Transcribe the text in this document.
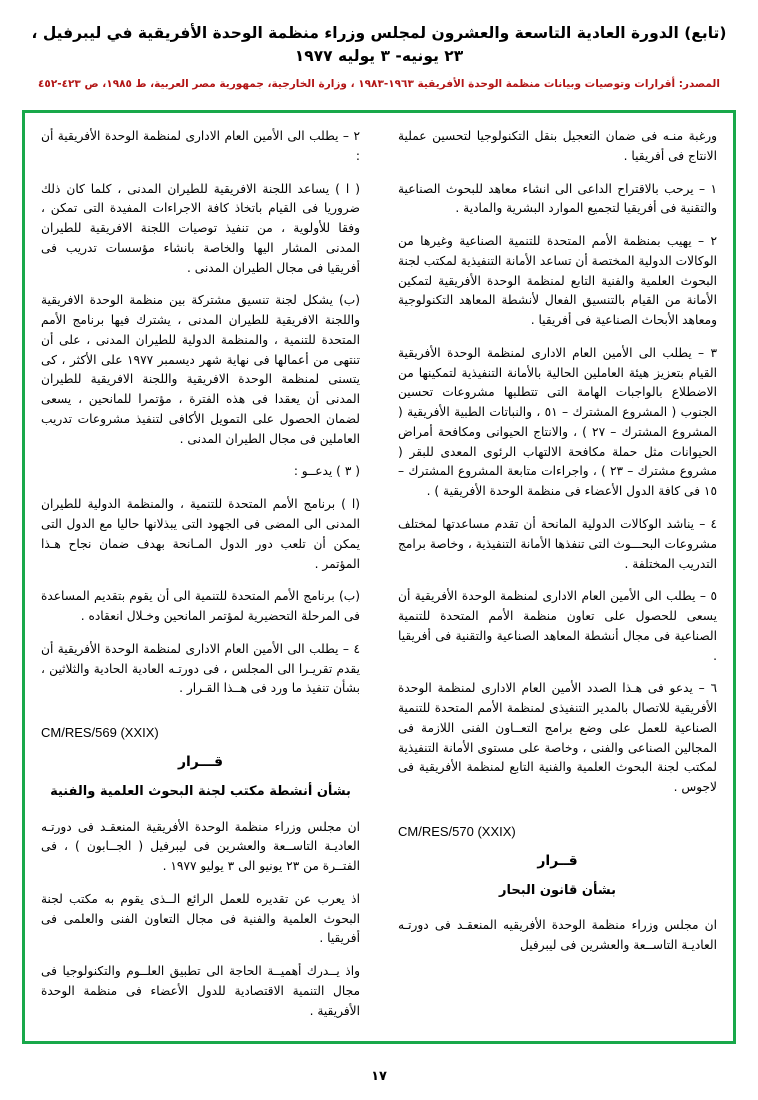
(تابع) الدورة العادية التاسعة والعشرون لمجلس وزراء منظمة الوحدة الأفريقية في ليبرفيل ، ٢٣ يونيه- ٣ يوليه ١٩٧٧
المصدر: أقرارات وتوصيات وبيانات منظمة الوحدة الأفريقية ١٩٦٣-١٩٨٣ ، وزارة الخارجية، جمهورية مصر العربية، ط ١٩٨٥، ص ٤٢٣-٤٥٢

ورغبة منـه فى ضمان التعجيل بنقل التكنولوجيا لتحسين عملية الانتاج فى أفريقيا .

١ – يرحب بالاقتراح الداعى الى انشاء معاهد للبحوث الصناعية والتقنية فى أفريقيا لتجميع الموارد البشرية والمادية .

٢ – يهيب بمنظمة الأمم المتحدة للتنمية الصناعية وغيرها من الوكالات الدولية المختصة أن تساعد الأمانة التنفيذية لمكتب لجنة البحوث العلمية والفنية التابع لمنظمة الوحدة الأفريقية لتمكين الأمانة من القيام بالتنسيق الفعال لأنشطة المعاهد التكنولوجية ومعاهد الأبحاث الصناعية فى أفريقيا .

٣ – يطلب الى الأمين العام الادارى لمنظمة الوحدة الأفريقية القيام بتعزيز هيئة العاملين الحالية بالأمانة التنفيذية لتمكينها من الاضطلاع بالواجبات الهامة التى تتطلبها مشروعات تحسين الجنوب ( المشروع المشترك – ٥١ ، والنباتات الطبية الأفريقية ( المشروع المشترك – ٢٧ ) ، والانتاج الحيوانى ومكافحة أمراض الحيوانات مثل حملة مكافحة الالتهاب الرئوى المعدى للبقر ( مشروع مشترك – ٢٣ ) ، واجراءات متابعة المشروع المشترك – ١٥ فى كافة الدول الأعضاء فى منظمة الوحدة الأفريقية ) .

٤ – يناشد الوكالات الدولية المانحة أن تقدم مساعدتها لمختلف مشروعات البحـــوث التى تنفذها الأمانة التنفيذية ، وخاصة برامج التدريب المختلفة .

٥ – يطلب الى الأمين العام الادارى لمنظمة الوحدة الأفريقية أن يسعى للحصول على تعاون منظمة الأمم المتحدة للتنمية الصناعية فى مجال أنشطة المعاهد الصناعية والتقنية فى أفريقيا .

٦ – يدعو فى هـذا الصدد الأمين العام الادارى لمنظمة الوحدة الأفريقية للاتصال بالمدير التنفيذى لمنظمة الأمم المتحدة للتنمية الصناعية للعمل على وضع برامج التعــاون الفنى اللازمة فى المجالين الصناعى والفنى ، وخاصة على مستوى الأمانة التنفيذية لمكتب لجنة البحوث العلمية والفنية التابع لمنظمة الأفريقية فى لاجوس .

CM/RES/570 (XXIX)
قــرار
بشأن قانون البحار

ان مجلس وزراء منظمة الوحدة الأفريقيه المنعقـد فى دورتـه العاديـة التاســعة والعشرين فى ليبرفيل

٢ – يطلب الى الأمين العام الادارى لمنظمة الوحدة الأفريقية أن :

( ا ) يساعد اللجنة الافريقية للطيران المدنى ، كلما كان ذلك ضروريا فى القيام باتخاذ كافة الاجراءات المفيدة التى تمكن ، وفقا للأولوية ، من تنفيذ توصيات اللجنة الافريقية للطيران المدنى المشار اليها والخاصة بانشاء مؤسسات تدريب فى أفريقيا فى مجال الطيران المدنى .

(ب) يشكل لجنة تنسيق مشتركة بين منظمة الوحدة الافريقية واللجنة الافريقية للطيران المدنى ، يشترك فيها برنامج الأمم المتحدة للتنمية ، والمنظمة الدولية للطيران المدنى ، على أن تنتهى من أعمالها فى نهاية شهر ديسمبر ١٩٧٧ على الأكثر ، كى يتسنى لمنظمة الوحدة الافريقية واللجنة الافريقية للطيران المدنى أن يعقدا فى هذه الفترة ، مؤتمرا للمانحين ، يسعى لضمان الحصول على التمويل الأكافى لتنفيذ مشروعات تدريب العاملين فى مجال الطيران المدنى .

( ٣ ) يدعــو :

(ا ) برنامج الأمم المتحدة للتنمية ، والمنظمة الدولية للطيران المدنى الى المضى فى الجهود التى يبذلانها حاليا مع الدول التى يمكن أن تلعب دور الدول المـانحة بهدف ضمان نجاح هـذا المؤتمر .

(ب) برنامج الأمم المتحدة للتنمية الى أن يقوم بتقديم المساعدة فى المرحلة التحضيرية لمؤتمر المانحين وخـلال انعقاده .

٤ – يطلب الى الأمين العام الادارى لمنظمة الوحدة الأفريقية أن يقدم تقريـرا الى المجلس ، فى دورتـه العادية الحادية والثلاثين ، بشأن تنفيذ ما ورد فى هــذا القـرار .

CM/RES/569 (XXIX)
قـــرار
بشأن أنشطة مكتب لجنة البحوث العلمية والفنية

ان مجلس وزراء منظمة الوحدة الأفريقية المنعقـد فى دورتـه العاديـة التاســعة والعشرين فى ليبرفيل ( الجــابون ) ، فى الفتــرة من ٢٣ يونيو الى ٣ يوليو ١٩٧٧ .

اذ يعرب عن تقديره للعمل الرائع الــذى يقوم به مكتب لجنة البحوث العلمية والفنية فى مجال التعاون الفنى والعلمى فى أفريقيا .

واذ يــدرك أهميــة الحاجة الى تطبيق العلــوم والتكنولوجيا فى مجال التنمية الاقتصادية للدول الأعضاء فى منظمة الوحدة الأفريقية .

١٧
